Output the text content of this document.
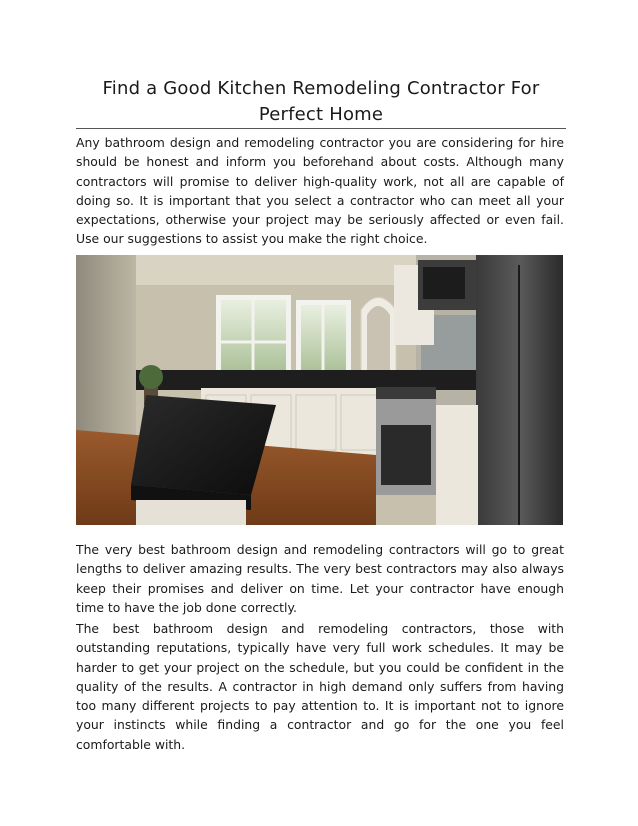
Find a Good Kitchen Remodeling Contractor For Perfect Home

Any bathroom design and remodeling contractor you are considering for hire should be honest and inform you beforehand about costs. Although many contractors will promise to deliver high-quality work, not all are capable of doing so. It is important that you select a contractor who can meet all your expectations, otherwise your project may be seriously affected or even fail. Use our suggestions to assist you make the right choice.

The very best bathroom design and remodeling contractors will go to great lengths to deliver amazing results. The very best contractors may also always keep their promises and deliver on time. Let your contractor have enough time to have the job done correctly.

The best bathroom design and remodeling contractors, those with outstanding reputations, typically have very full work schedules. It may be harder to get your project on the schedule, but you could be confident in the quality of the results. A contractor in high demand only suffers from having too many different projects to pay attention to. It is important not to ignore your instincts while finding a contractor and go for the one you feel comfortable with.
